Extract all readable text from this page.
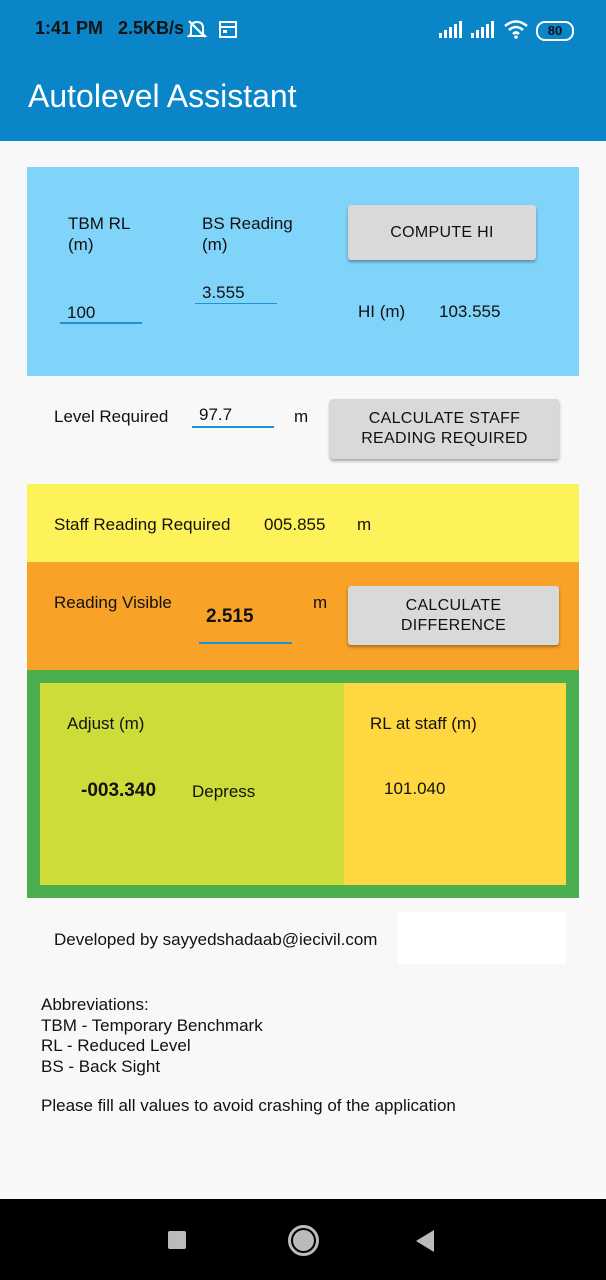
1:41 PM 2.5KB/s	80
Autolevel Assistant
TBM RL
(m)
100
BS Reading
(m)
3.555
COMPUTE HI
HI (m) 103.555
Level Required	97.7	m	CALCULATE STAFF
READING REQUIRED
Staff Reading Required 005.855 m
Reading Visible
2.515
m	CALCULATE
DIFFERENCE
Adjust (m)
-003.340 Depress
RL at staff (m)
101.040
Developed by sayyedshadaab@iecivil.com
Abbreviations:
TBM - Temporary Benchmark
RL - Reduced Level
BS - Back Sight
Please fill all values to avoid crashing of the application
